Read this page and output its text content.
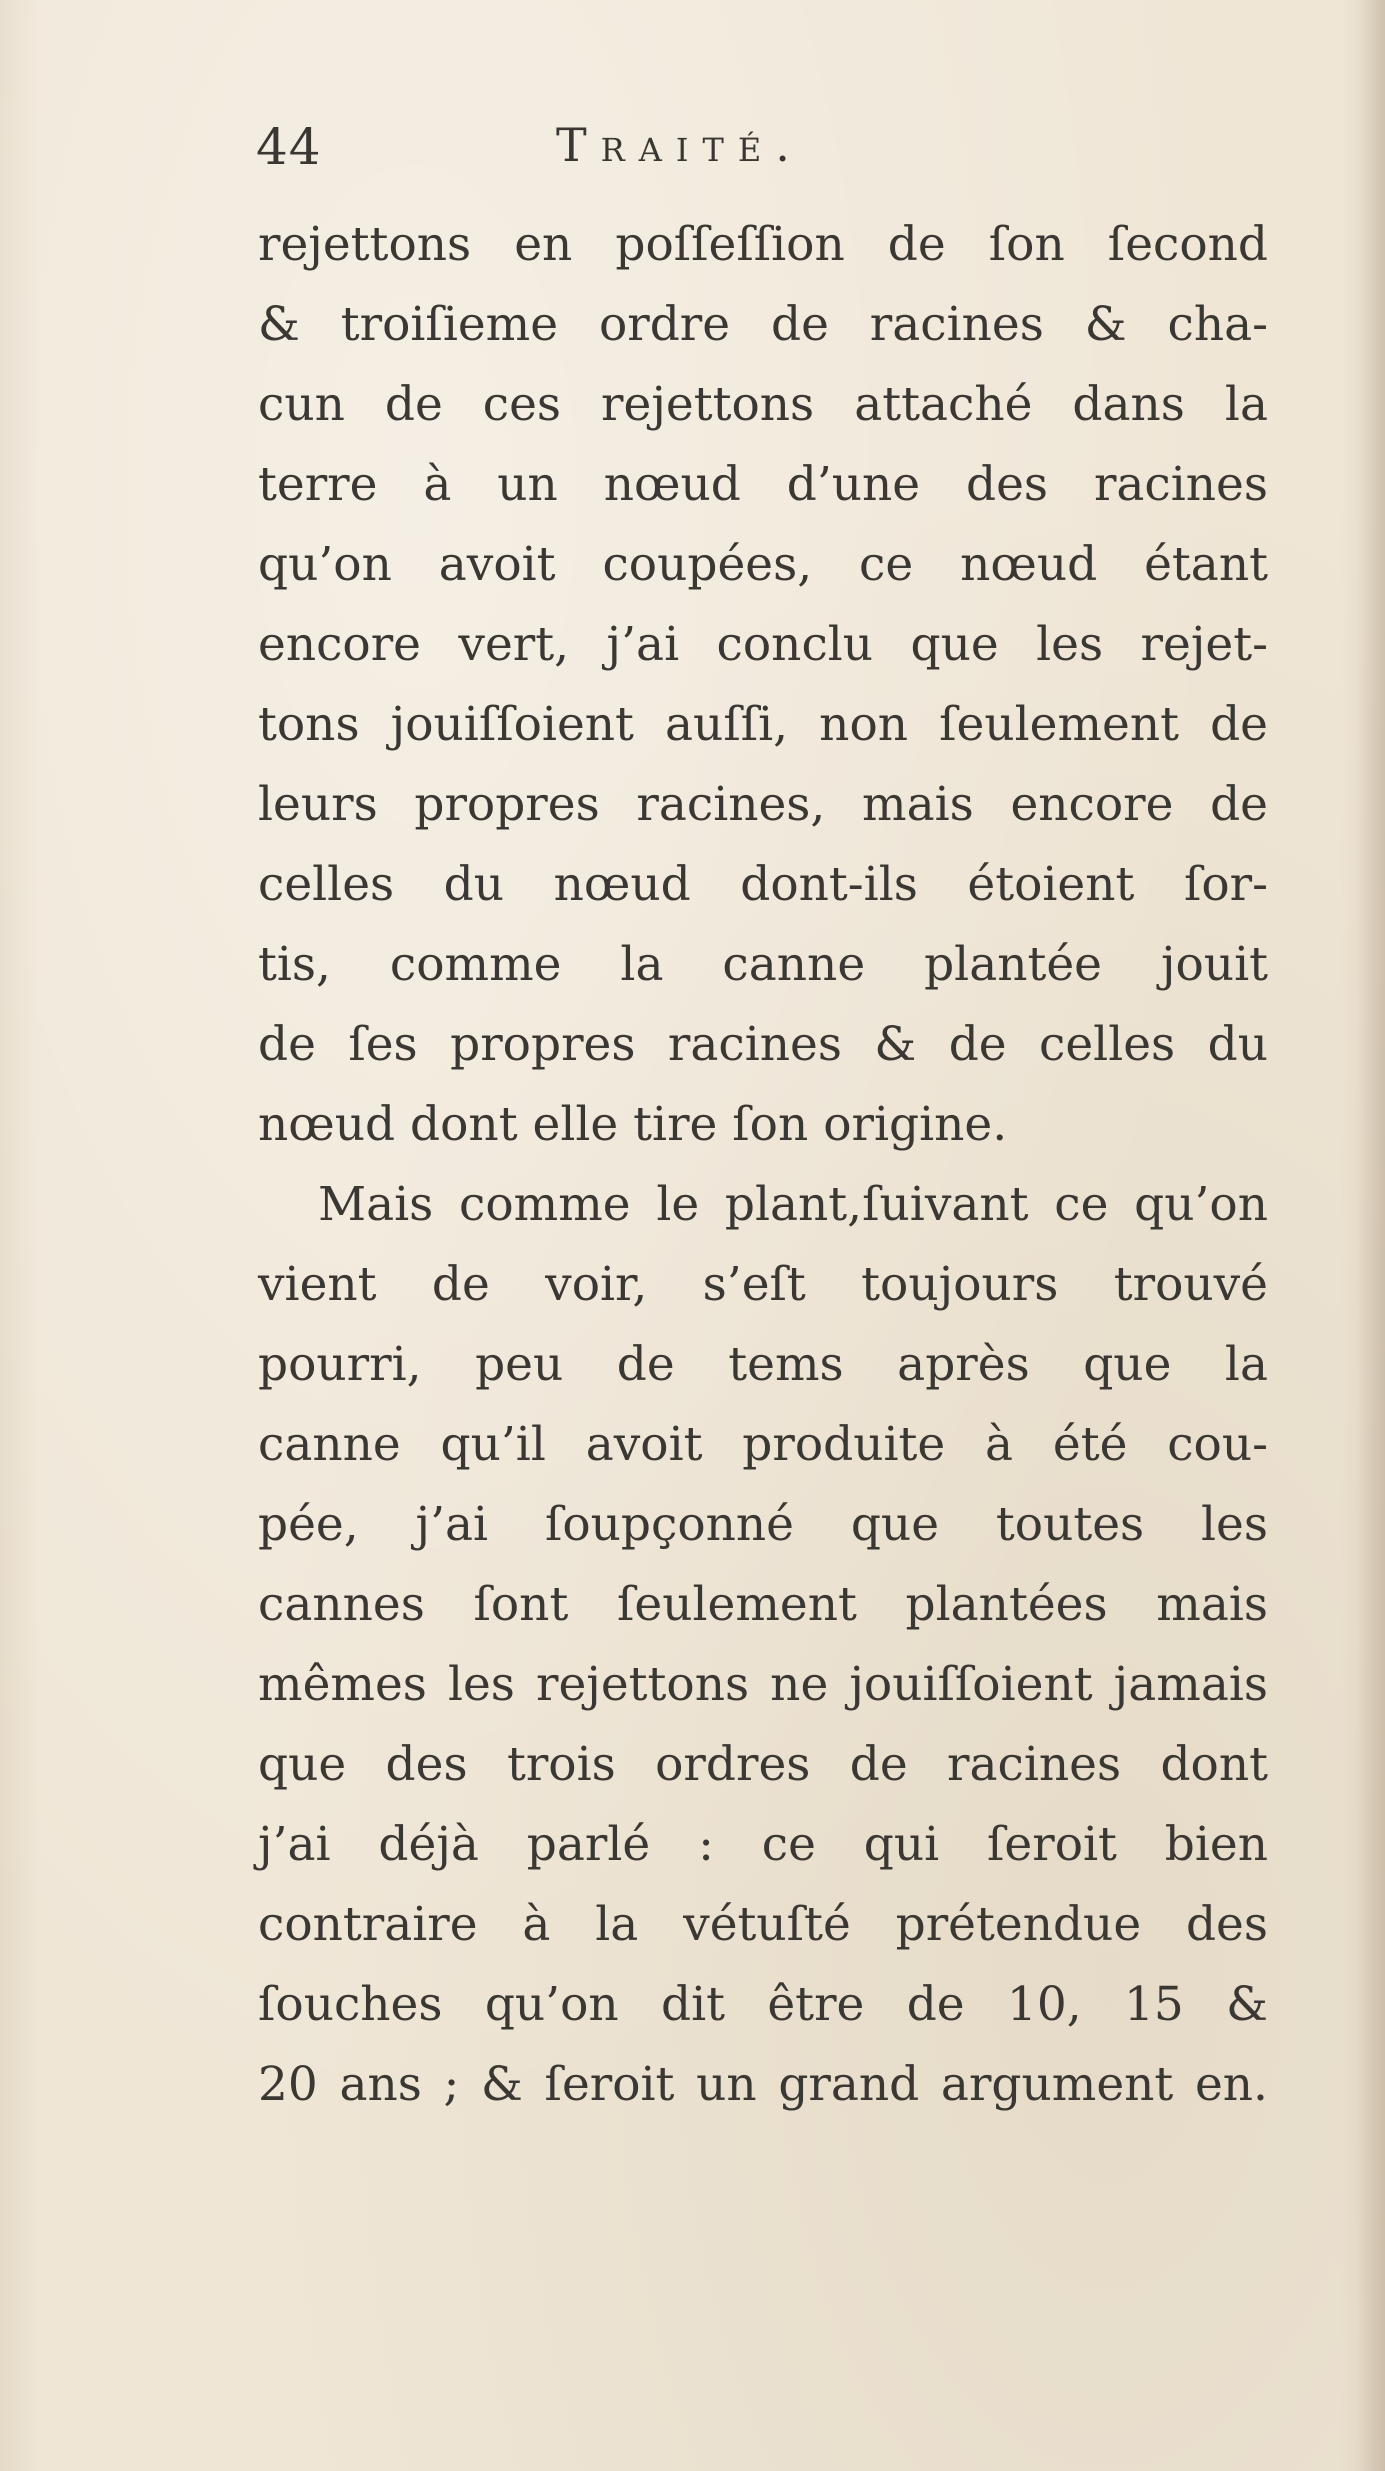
44	Traité.
rejettons en poſſeſſion de ſon ſecond
& troiſieme ordre de racines & cha-
cun de ces rejettons attaché dans la
terre à un nœud d’une des racines
qu’on avoit coupées, ce nœud étant
encore vert, j’ai conclu que les rejet-
tons jouiſſoient auſſi, non ſeulement de
leurs propres racines, mais encore de
celles du nœud dont-ils étoient ſor-
tis, comme la canne plantée jouit
de ſes propres racines & de celles du
nœud dont elle tire ſon origine.
Mais comme le plant,ſuivant ce qu’on
vient de voir, s’eſt toujours trouvé
pourri, peu de tems après que la
canne qu’il avoit produite à été cou-
pée, j’ai ſoupçonné que toutes les
cannes ſont ſeulement plantées mais
mêmes les rejettons ne jouiſſoient jamais
que des trois ordres de racines dont
j’ai déjà parlé : ce qui ſeroit bien
contraire à la vétuſté prétendue des
ſouches qu’on dit être de 10, 15 &
20 ans ; & ſeroit un grand argument en.
